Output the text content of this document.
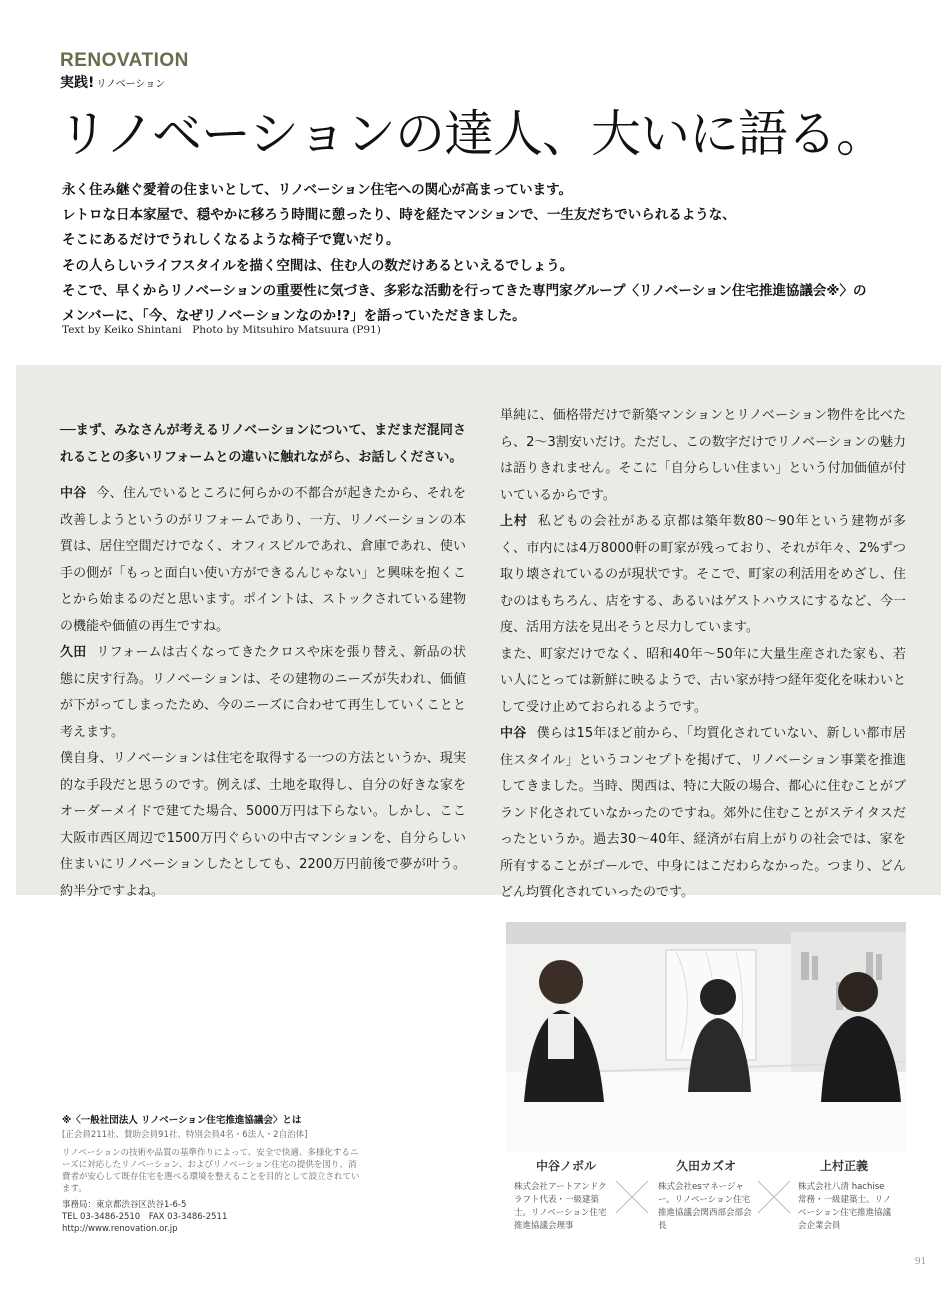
RENOVATION
実践! リノベーション
リノベーションの達人、大いに語る。

永く住み継ぐ愛着の住まいとして、リノベーション住宅への関心が高まっています。

レトロな日本家屋で、穏やかに移ろう時間に憩ったり、時を経たマンションで、一生友だちでいられるような、

そこにあるだけでうれしくなるような椅子で寛いだり。

その人らしいライフスタイルを描く空間は、住む人の数だけあるといえるでしょう。

そこで、早くからリノベーションの重要性に気づき、多彩な活動を行ってきた専門家グループ〈リノベーション住宅推進協議会※〉の

メンバーに、「今、なぜリノベーションなのか!?」を語っていただきました。

Text by Keiko Shintani　Photo by Mitsuhiro Matsuura (P91)

──まず、みなさんが考えるリノベーションについて、まだまだ混同されることの多いリフォームとの違いに触れながら、お話しください。

中谷 今、住んでいるところに何らかの不都合が起きたから、それを改善しようというのがリフォームであり、一方、リノベーションの本質は、居住空間だけでなく、オフィスビルであれ、倉庫であれ、使い手の側が「もっと面白い使い方ができるんじゃない」と興味を抱くことから始まるのだと思います。ポイントは、ストックされている建物の機能や価値の再生ですね。

久田 リフォームは古くなってきたクロスや床を張り替え、新品の状態に戻す行為。リノベーションは、その建物のニーズが失われ、価値が下がってしまったため、今のニーズに合わせて再生していくことと考えます。

僕自身、リノベーションは住宅を取得する一つの方法というか、現実的な手段だと思うのです。例えば、土地を取得し、自分の好きな家をオーダーメイドで建てた場合、5000万円は下らない。しかし、ここ大阪市西区周辺で1500万円ぐらいの中古マンションを、自分らしい住まいにリノベーションしたとしても、2200万円前後で夢が叶う。約半分ですよね。

単純に、価格帯だけで新築マンションとリノベーション物件を比べたら、2～3割安いだけ。ただし、この数字だけでリノベーションの魅力は語りきれません。そこに「自分らしい住まい」という付加価値が付いているからです。

上村 私どもの会社がある京都は築年数80～90年という建物が多く、市内には4万8000軒の町家が残っており、それが年々、2%ずつ取り壊されているのが現状です。そこで、町家の利活用をめざし、住むのはもちろん、店をする、あるいはゲストハウスにするなど、今一度、活用方法を見出そうと尽力しています。

また、町家だけでなく、昭和40年～50年に大量生産された家も、若い人にとっては新鮮に映るようで、古い家が持つ経年変化を味わいとして受け止めておられるようです。

中谷 僕らは15年ほど前から、「均質化されていない、新しい都市居住スタイル」というコンセプトを掲げて、リノベーション事業を推進してきました。当時、関西は、特に大阪の場合、都心に住むことがブランド化されていなかったのですね。郊外に住むことがステイタスだったというか。過去30～40年、経済が右肩上がりの社会では、家を所有することがゴールで、中身にはこだわらなかった。つまり、どんどん均質化されていったのです。

中谷ノボル	久田カズオ	上村正義
株式会社アートアンドクラフト代表・一級建築士。リノベーション住宅推進協議会理事
株式会社esマネージャー。リノベーション住宅推進協議会関西部会部会長
株式会社八清 hachise 常務・一級建築士。リノベーション住宅推進協議会企業会員

※〈一般社団法人 リノベーション住宅推進協議会〉とは

[正会員211社、賛助会員91社、特別会員4名・6法人・2自治体]

リノベーションの技術や品質の基準作りによって、安全で快適、多様化するニーズに対応したリノベーション、およびリノベーション住宅の提供を図り、消費者が安心して既存住宅を選べる環境を整えることを目的として設立されています。

事務局：東京都渋谷区渋谷1-6-5

TEL 03-3486-2510　FAX 03-3486-2511

http://www.renovation.or.jp

91
